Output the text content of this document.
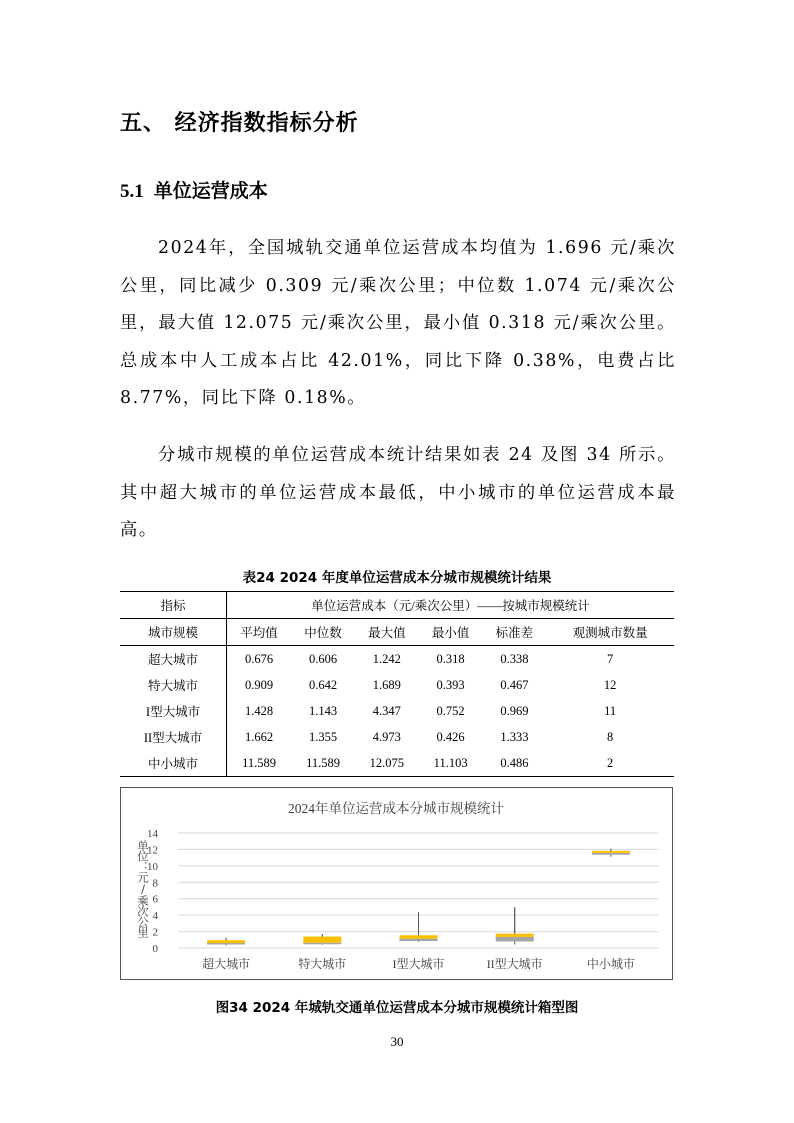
五、 经济指数指标分析
5.1 单位运营成本
2024年，全国城轨交通单位运营成本均值为 1.696 元/乘次公里，同比减少 0.309 元/乘次公里；中位数 1.074 元/乘次公里，最大值 12.075 元/乘次公里，最小值 0.318 元/乘次公里。总成本中人工成本占比 42.01%，同比下降 0.38%，电费占比 8.77%，同比下降 0.18%。
分城市规模的单位运营成本统计结果如表 24 及图 34 所示。其中超大城市的单位运营成本最低，中小城市的单位运营成本最高。
表24 2024 年度单位运营成本分城市规模统计结果
指标	单位运营成本（元/乘次公里）——按城市规模统计					
城市规模	平均值	中位数	最大值	最小值	标准差	观测城市数量
超大城市	0.676	0.606	1.242	0.318	0.338	7
特大城市	0.909	0.642	1.689	0.393	0.467	12
I型大城市	1.428	1.143	4.347	0.752	0.969	11
II型大城市	1.662	1.355	4.973	0.426	1.333	8
中小城市	11.589	11.589	12.075	11.103	0.486	2
2024年单位运营成本分城市规模统计
0
2
4
6
8
10
12
14
超大城市	特大城市	I型大城市	II型大城市	中小城市
单位：元/乘次公里
图34 2024 年城轨交通单位运营成本分城市规模统计箱型图
30
